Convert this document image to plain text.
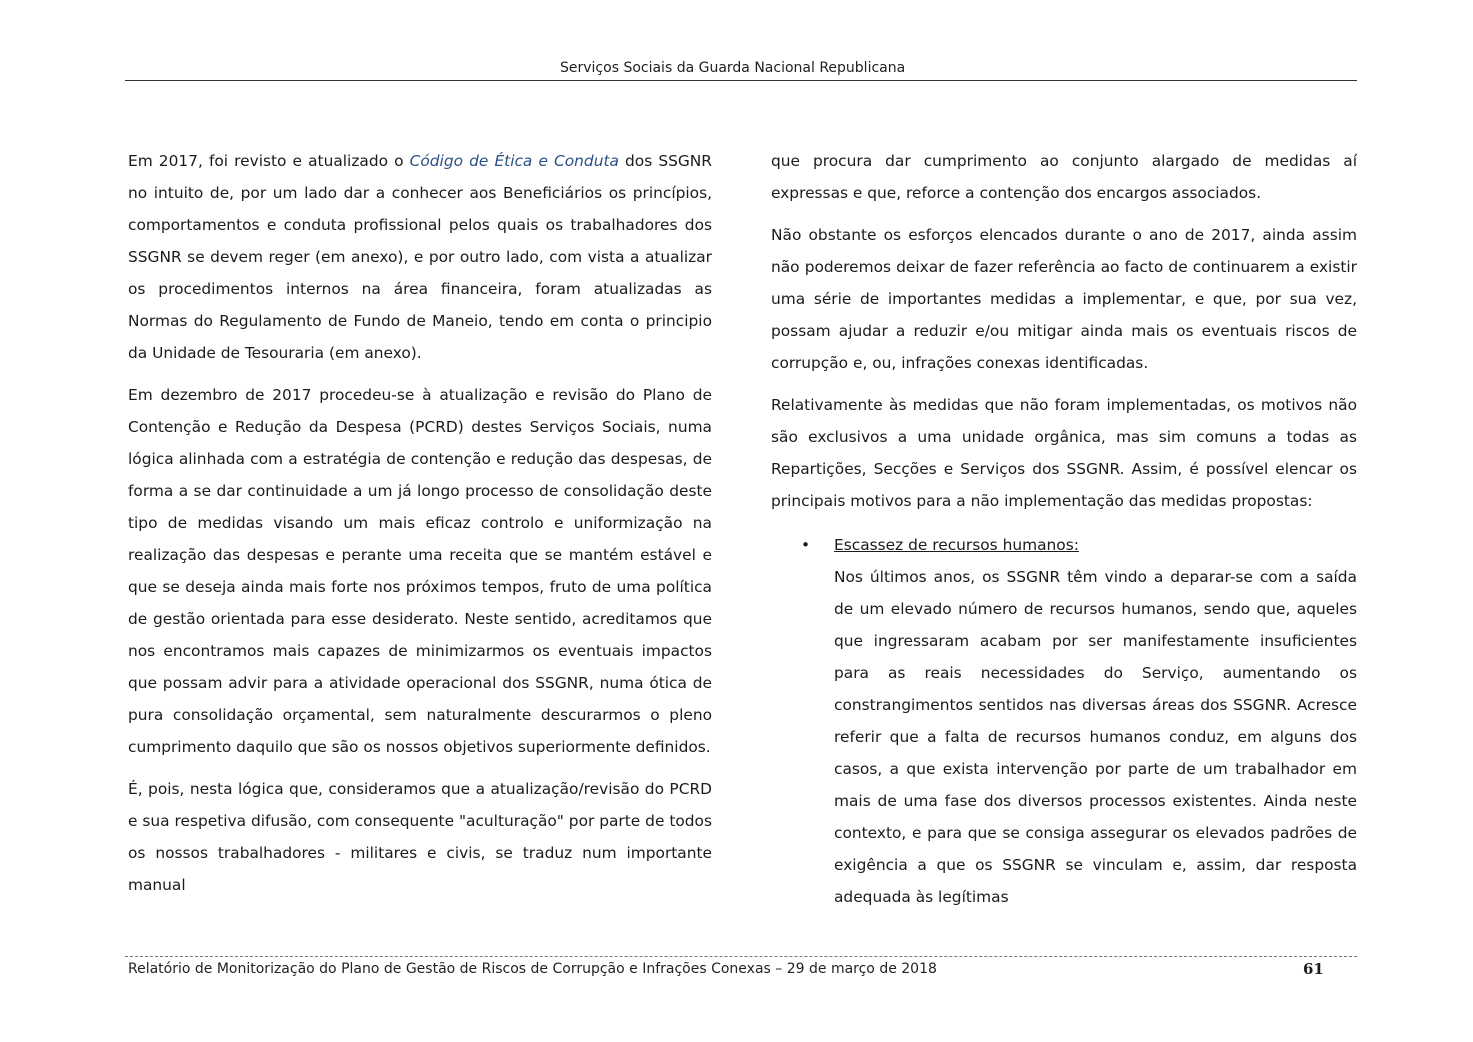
Serviços Sociais da Guarda Nacional Republicana

Em 2017, foi revisto e atualizado o Código de Ética e Conduta dos SSGNR no intuito de, por um lado dar a conhecer aos Beneficiários os princípios, comportamentos e conduta profissional pelos quais os trabalhadores dos SSGNR se devem reger (em anexo), e por outro lado, com vista a atualizar os procedimentos internos na área financeira, foram atualizadas as Normas do Regulamento de Fundo de Maneio, tendo em conta o principio da Unidade de Tesouraria (em anexo).

Em dezembro de 2017 procedeu-se à atualização e revisão do Plano de Contenção e Redução da Despesa (PCRD) destes Serviços Sociais, numa lógica alinhada com a estratégia de contenção e redução das despesas, de forma a se dar continuidade a um já longo processo de consolidação deste tipo de medidas visando um mais eficaz controlo e uniformização na realização das despesas e perante uma receita que se mantém estável e que se deseja ainda mais forte nos próximos tempos, fruto de uma política de gestão orientada para esse desiderato. Neste sentido, acreditamos que nos encontramos mais capazes de minimizarmos os eventuais impactos que possam advir para a atividade operacional dos SSGNR, numa ótica de pura consolidação orçamental, sem naturalmente descurarmos o pleno cumprimento daquilo que são os nossos objetivos superiormente definidos.

É, pois, nesta lógica que, consideramos que a atualização/revisão do PCRD e sua respetiva difusão, com consequente "aculturação" por parte de todos os nossos trabalhadores - militares e civis, se traduz num importante manual

que procura dar cumprimento ao conjunto alargado de medidas aí expressas e que, reforce a contenção dos encargos associados.

Não obstante os esforços elencados durante o ano de 2017, ainda assim não poderemos deixar de fazer referência ao facto de continuarem a existir uma série de importantes medidas a implementar, e que, por sua vez, possam ajudar a reduzir e/ou mitigar ainda mais os eventuais riscos de corrupção e, ou, infrações conexas identificadas.

Relativamente às medidas que não foram implementadas, os motivos não são exclusivos a uma unidade orgânica, mas sim comuns a todas as Repartições, Secções e Serviços dos SSGNR. Assim, é possível elencar os principais motivos para a não implementação das medidas propostas:

• Escassez de recursos humanos:
Nos últimos anos, os SSGNR têm vindo a deparar-se com a saída de um elevado número de recursos humanos, sendo que, aqueles que ingressaram acabam por ser manifestamente insuficientes para as reais necessidades do Serviço, aumentando os constrangimentos sentidos nas diversas áreas dos SSGNR. Acresce referir que a falta de recursos humanos conduz, em alguns dos casos, a que exista intervenção por parte de um trabalhador em mais de uma fase dos diversos processos existentes. Ainda neste contexto, e para que se consiga assegurar os elevados padrões de exigência a que os SSGNR se vinculam e, assim, dar resposta adequada às legítimas
Relatório de Monitorização do Plano de Gestão de Riscos de Corrupção e Infrações Conexas – 29 de março de 2018	61
